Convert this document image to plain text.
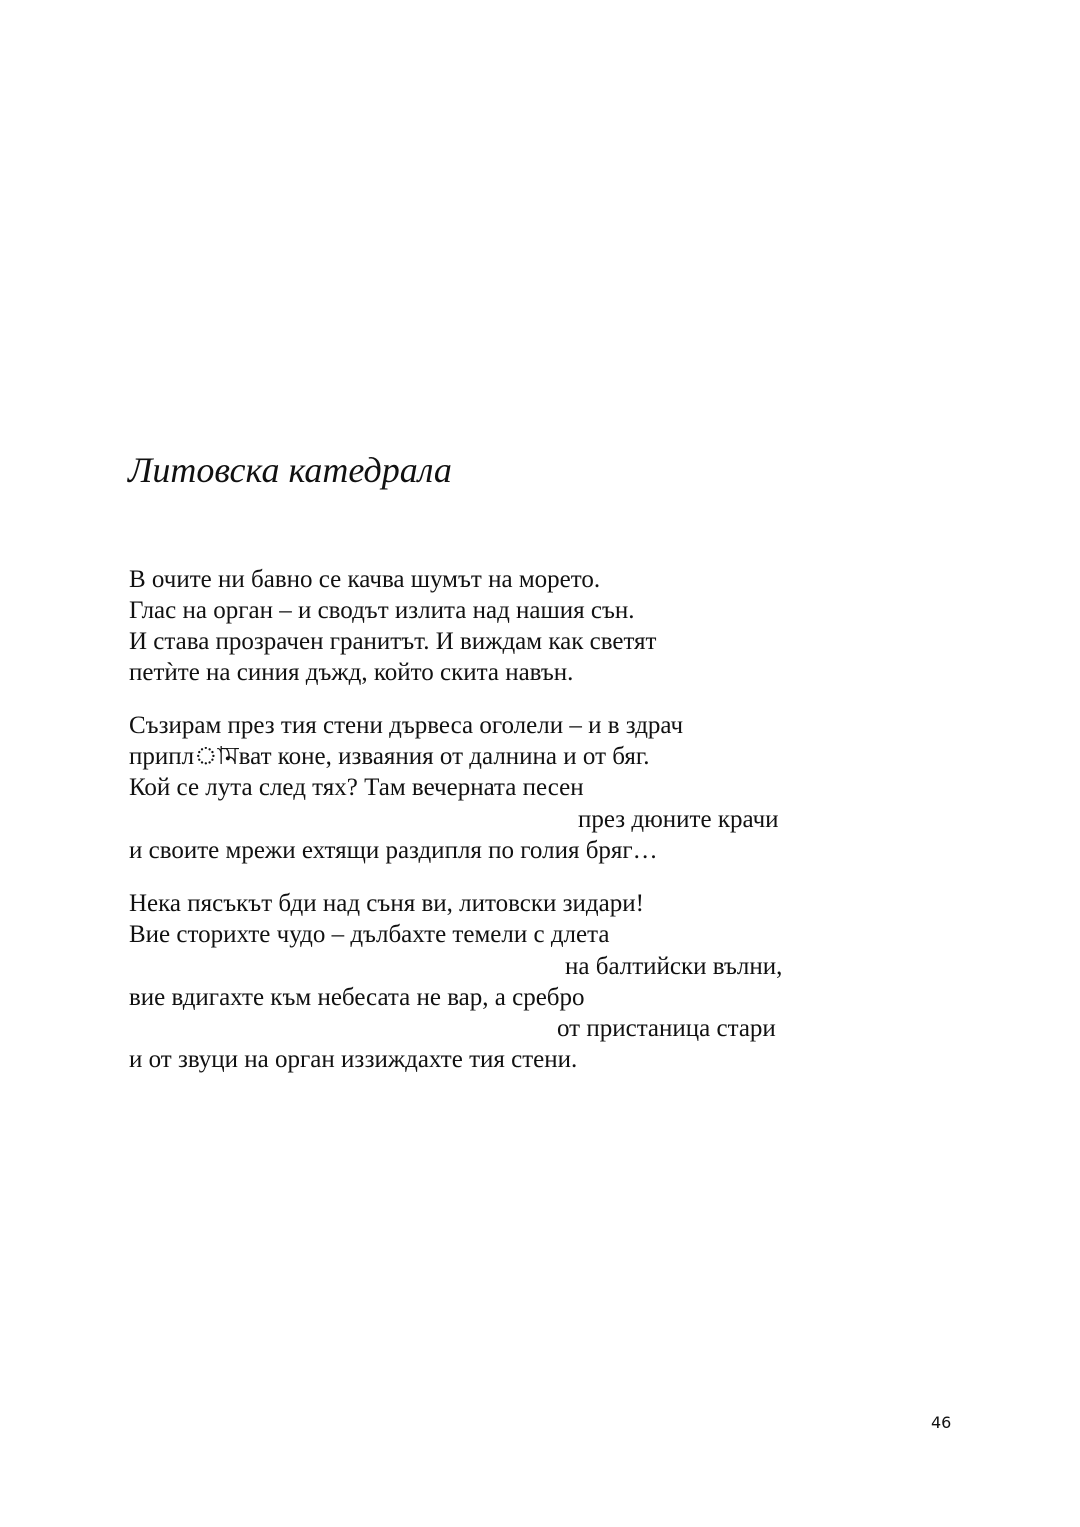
Литовска катедрала

В очите ни бавно се качва шумът на морето.

Глас на орган – и сводът излита над нашия сън.

И става прозрачен гранитът. И виждам как светят

петѝте на синия дъжд, който скита навън.

Съзирам през тия стени дървеса оголели – и в здрач

приплামват коне, изваяния от далнина и от бяг.

Кой се лута след тях? Там вечерната песен

през дюните крачи

и своите мрежи ехтящи раздипля по голия бряг…

Нека пясъкът бди над съня ви, литовски зидари!

Вие сторихте чудо – дълбахте темели с длета

на балтийски вълни,

вие вдигахте към небесата не вар, а сребро

от пристаница стари

и от звуци на орган иззиждахте тия стени.

46
